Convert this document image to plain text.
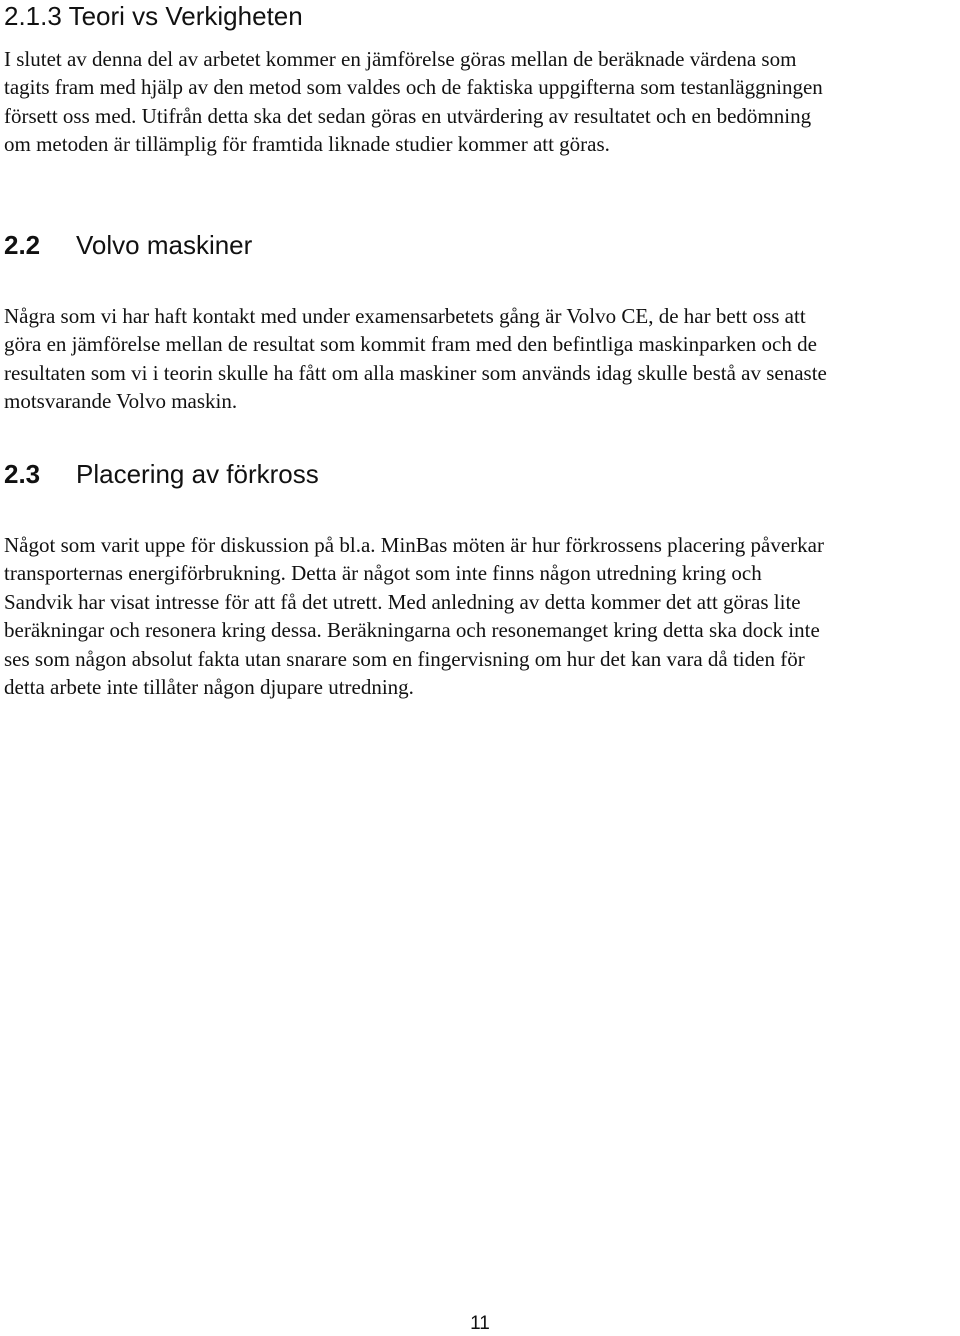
2.1.3 Teori vs Verkigheten

I slutet av denna del av arbetet kommer en jämförelse göras mellan de beräknade värdena som
tagits fram med hjälp av den metod som valdes och de faktiska uppgifterna som testanläggningen
försett oss med. Utifrån detta ska det sedan göras en utvärdering av resultatet och en bedömning
om metoden är tillämplig för framtida liknade studier kommer att göras.

2.2 Volvo maskiner

Några som vi har haft kontakt med under examensarbetets gång är Volvo CE, de har bett oss att
göra en jämförelse mellan de resultat som kommit fram med den befintliga maskinparken och de
resultaten som vi i teorin skulle ha fått om alla maskiner som används idag skulle bestå av senaste
motsvarande Volvo maskin.

2.3 Placering av förkross

Något som varit uppe för diskussion på bl.a. MinBas möten är hur förkrossens placering påverkar
transporternas energiförbrukning. Detta är något som inte finns någon utredning kring och
Sandvik har visat intresse för att få det utrett. Med anledning av detta kommer det att göras lite
beräkningar och resonera kring dessa. Beräkningarna och resonemanget kring detta ska dock inte
ses som någon absolut fakta utan snarare som en fingervisning om hur det kan vara då tiden för
detta arbete inte tillåter någon djupare utredning.

11
